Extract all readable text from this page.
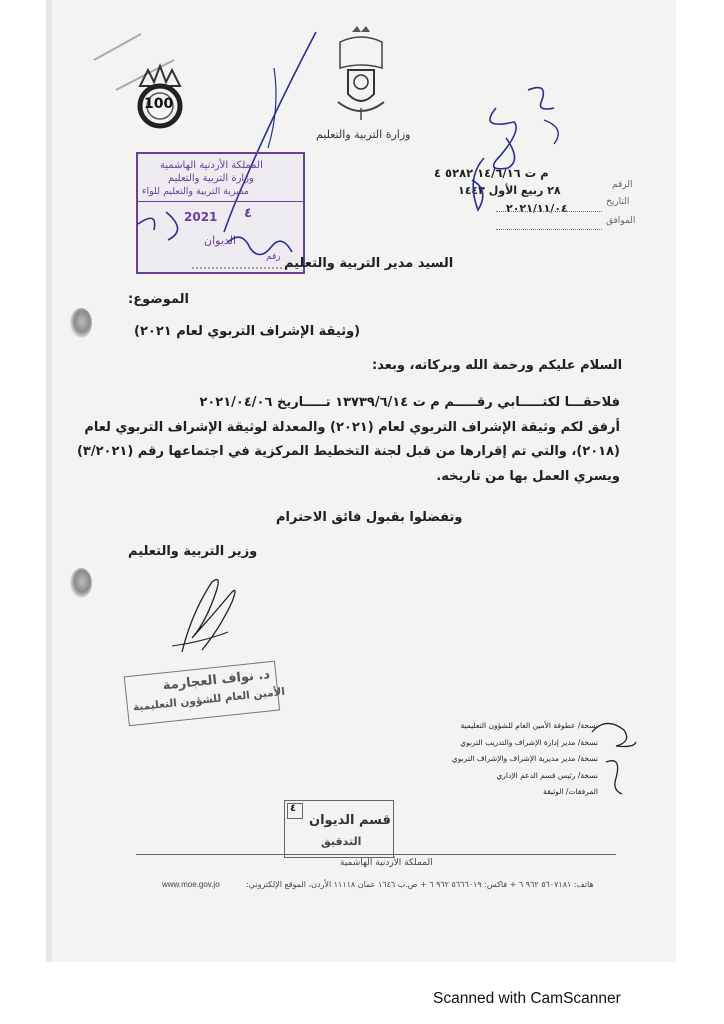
100
وزارة التربية والتعليم
م ت ١٤/٦/١٦ ٥٢٨٢ ٤
٢٨ ربيع الأول ١٤٤٣
٢٠٢١/١١/٠٤
الرقم
التاريخ
الموافق
المملكة الأردنية الهاشمية
وزارة التربية والتعليم
مديرية التربية والتعليم للواء
2021 ٤
الديوان
رقم السيد مدير التربية والتعليم
الموضوع:
(وثيقة الإشراف التربوي لعام ٢٠٢١)
السلام عليكم ورحمة الله وبركاته، وبعد:
فلاحقـــا لكتـــــابي رقـــــم م ت ١٣٧٣٩/٦/١٤ تـــــاريخ ٢٠٢١/٠٤/٠٦
أرفق لكم وثيقة الإشراف التربوي لعام (٢٠٢١) والمعدلة لوثيقة الإشراف التربوي لعام
(٢٠١٨)، والتي تم إقرارها من قبل لجنة التخطيط المركزية في اجتماعها رقم (٣/٢٠٢١)
ويسري العمل بها من تاريخه.
وتفضلوا بقبول فائق الاحترام
وزير التربية والتعليم
د. نواف العجارمة
الأمين العام للشؤون التعليمية
نسخة/ عطوفة الأمين العام للشؤون التعليمية
نسخة/ مدير إدارة الإشراف والتدريب التربوي
نسخة/ مدير مديرية الإشراف والإشراف التربوي
نسخة/ رئيس قسم الدعم الإداري
المرفقات/ الوثيقة
٤
قسم الديوان
التدقيق
المملكة الأردنية الهاشمية
هاتف: ٥٦٠٧١٨١ ٩٦٢ ٦ + فاكس: ٥٦٦٦٠١٩ ٩٦٢ ٦ + ص.ب ١٦٤٦ عمان ١١١١٨ الأردن، الموقع الإلكتروني:
www.moe.gov.jo
Scanned with CamScanner
